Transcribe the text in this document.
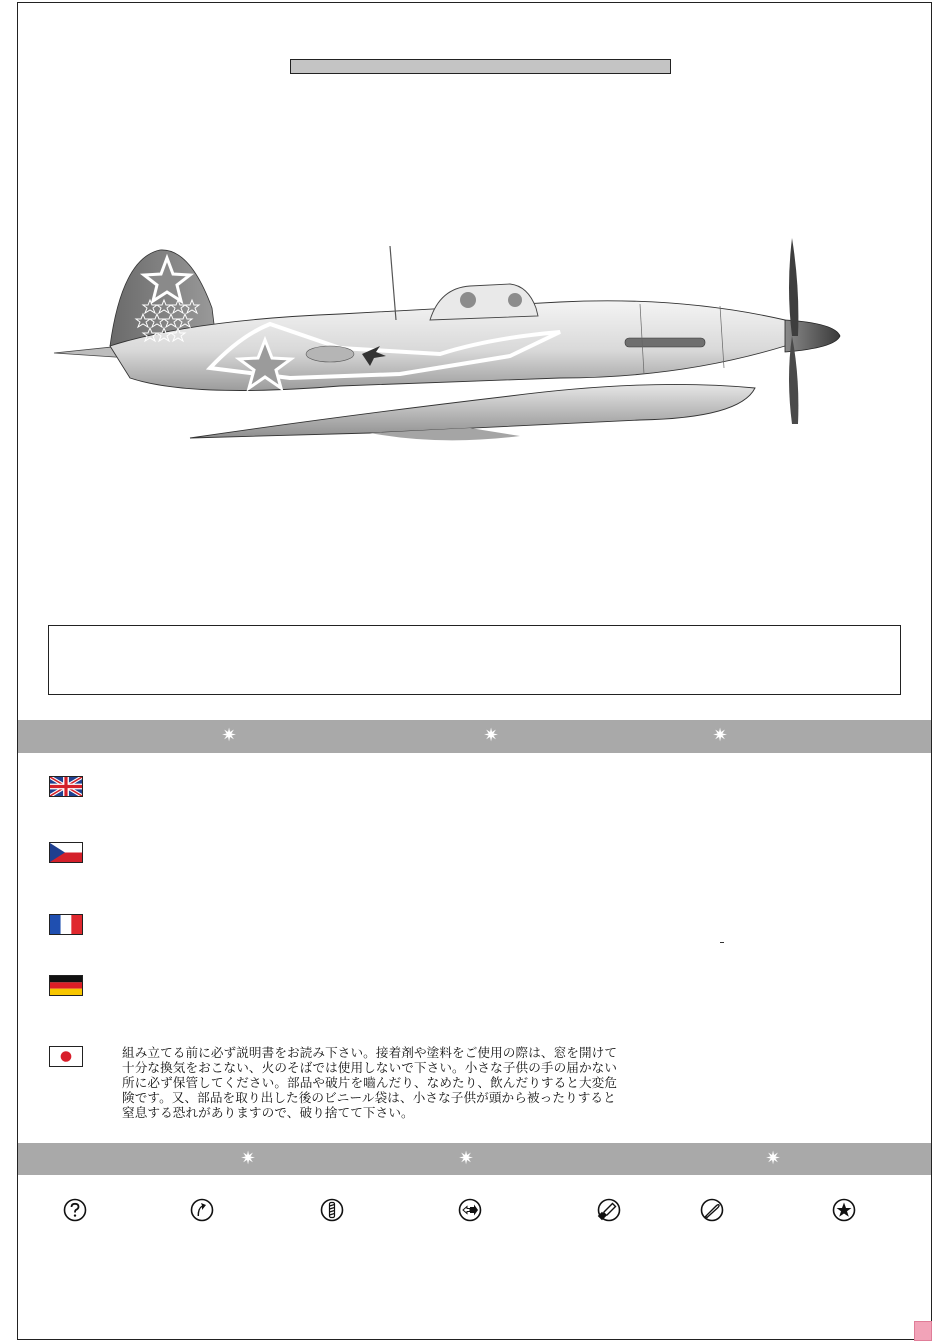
✷	✷	✷
組み立てる前に必ず説明書をお読み下さい。接着剤や塗料をご使用の際は、窓を開けて
十分な換気をおこない、火のそばでは使用しないで下さい。小さな子供の手の届かない
所に必ず保管してください。部品や破片を嚙んだり、なめたり、飲んだりすると大変危
険です。又、部品を取り出した後のビニール袋は、小さな子供が頭から被ったりすると
窒息する恐れがありますので、破り捨てて下さい。
✷	✷	✷
